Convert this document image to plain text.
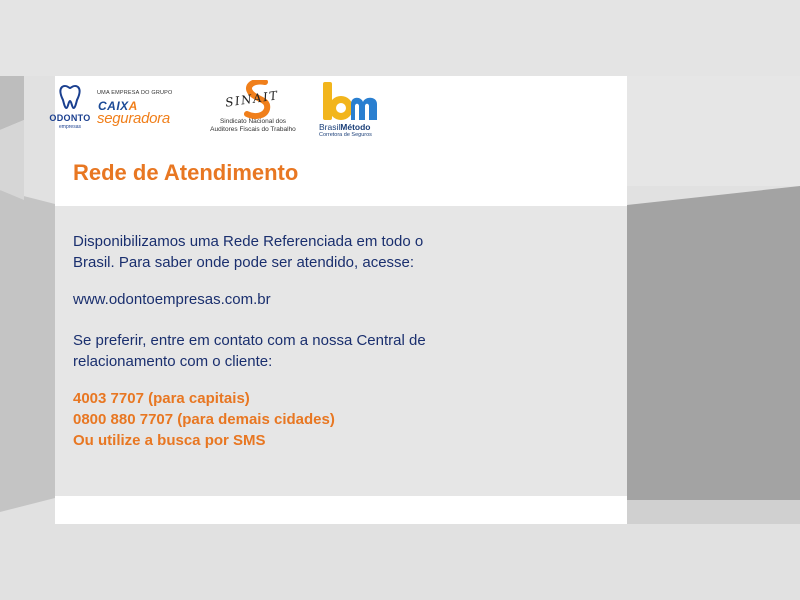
ODONTO
empresas
UMA EMPRESA DO GRUPO
CAIXA
seguradora
SINAIT
Sindicato Nacional dos
Auditores Fiscais do Trabalho	BrasilMétodo
Corretora de Seguros
Rede de Atendimento
Disponibilizamos uma Rede Referenciada em todo o
Brasil. Para saber onde pode ser atendido, acesse:
www.odontoempresas.com.br
Se preferir, entre em contato com a nossa Central de
relacionamento com o cliente:
4003 7707 (para capitais)
0800 880 7707 (para demais cidades)
Ou utilize a busca por SMS
